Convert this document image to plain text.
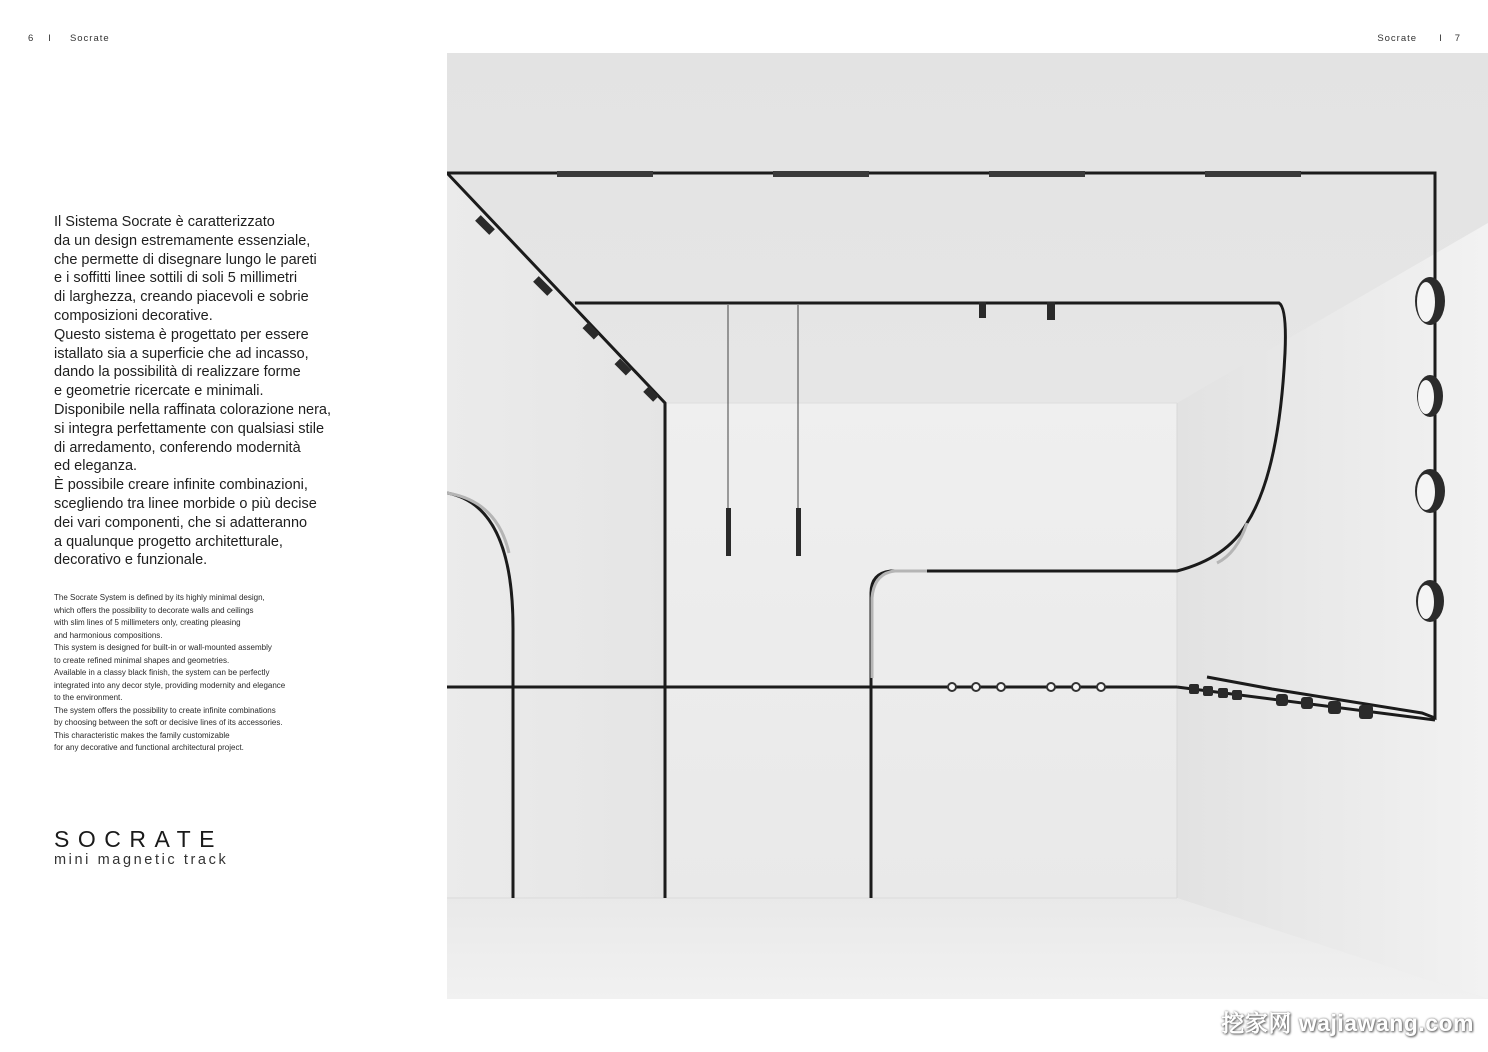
6 I Socrate	Socrate I 7
Il Sistema Socrate è caratterizzato
da un design estremamente essenziale,
che permette di disegnare lungo le pareti
e i soffitti linee sottili di soli 5 millimetri
di larghezza, creando piacevoli e sobrie
composizioni decorative.
Questo sistema è progettato per essere
istallato sia a superficie che ad incasso,
dando la possibilità di realizzare forme
e geometrie ricercate e minimali.
Disponibile nella raffinata colorazione nera,
si integra perfettamente con qualsiasi stile
di arredamento, conferendo modernità
ed eleganza.
È possibile creare infinite combinazioni,
scegliendo tra linee morbide o più decise
dei vari componenti, che si adatteranno
a qualunque progetto architetturale,
decorativo e funzionale.
The Socrate System is defined by its highly minimal design,
which offers the possibility to decorate walls and ceilings
with slim lines of 5 millimeters only, creating pleasing
and harmonious compositions.
This system is designed for built-in or wall-mounted assembly
to create refined minimal shapes and geometries.
Available in a classy black finish, the system can be perfectly
integrated into any decor style, providing modernity and elegance
to the environment.
The system offers the possibility to create infinite combinations
by choosing between the soft or decisive lines of its accessories.
This characteristic makes the family customizable
for any decorative and functional architectural project.
SOCRATE
mini magnetic track
挖家网 wajiawang.com
